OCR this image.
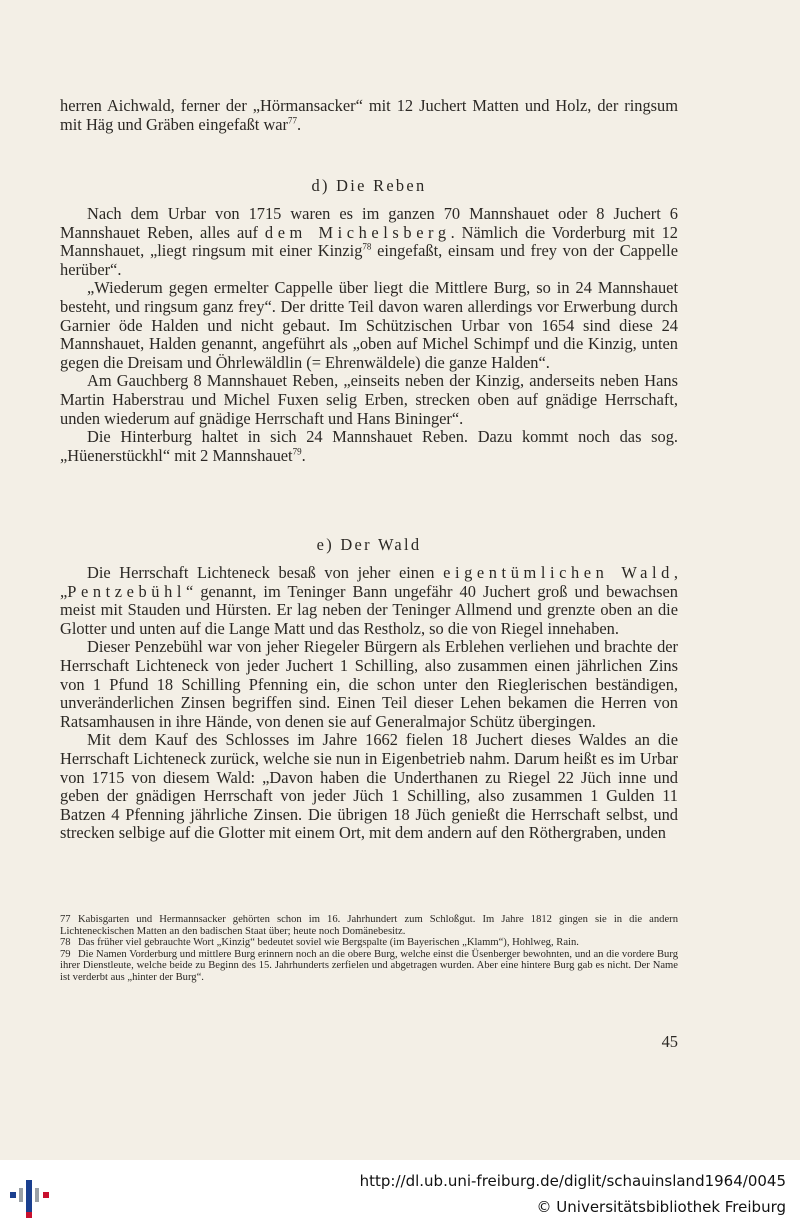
herren Aichwald, ferner der „Hörmansacker“ mit 12 Juchert Matten und Holz, der ringsum mit Häg und Gräben eingefaßt war$^{77}$.

d) Die Reben

Nach dem Urbar von 1715 waren es im ganzen 70 Mannshauet oder 8 Juchert 6 Mannshauet Reben, alles auf dem Michelsberg. Nämlich die Vorderburg mit 12 Mannshauet, „liegt ringsum mit einer Kinzig$^{78}$ eingefaßt, einsam und frey von der Cappelle herüber“.

„Wiederum gegen ermelter Cappelle über liegt die Mittlere Burg, so in 24 Mannshauet besteht, und ringsum ganz frey“. Der dritte Teil davon waren allerdings vor Erwerbung durch Garnier öde Halden und nicht gebaut. Im Schützischen Urbar von 1654 sind diese 24 Mannshauet, Halden genannt, angeführt als „oben auf Michel Schimpf und die Kinzig, unten gegen die Dreisam und Öhrlewäldlin (= Ehrenwäldele) die ganze Halden“.

Am Gauchberg 8 Mannshauet Reben, „einseits neben der Kinzig, anderseits neben Hans Martin Haberstrau und Michel Fuxen selig Erben, strecken oben auf gnädige Herrschaft, unden wiederum auf gnädige Herrschaft und Hans Bininger“.

Die Hinterburg haltet in sich 24 Mannshauet Reben. Dazu kommt noch das sog. „Hüenerstückhl“ mit 2 Mannshauet$^{79}$.

e) Der Wald

Die Herrschaft Lichteneck besaß von jeher einen eigentümlichen Wald, „Pentzebühl“ genannt, im Teninger Bann ungefähr 40 Juchert groß und bewachsen meist mit Stauden und Hürsten. Er lag neben der Teninger Allmend und grenzte oben an die Glotter und unten auf die Lange Matt und das Restholz, so die von Riegel innehaben.

Dieser Penzebühl war von jeher Riegeler Bürgern als Erblehen verliehen und brachte der Herrschaft Lichteneck von jeder Juchert 1 Schilling, also zusammen einen jährlichen Zins von 1 Pfund 18 Schilling Pfenning ein, die schon unter den Rieglerischen beständigen, unveränderlichen Zinsen begriffen sind. Einen Teil dieser Lehen bekamen die Herren von Ratsamhausen in ihre Hände, von denen sie auf Generalmajor Schütz übergingen.

Mit dem Kauf des Schlosses im Jahre 1662 fielen 18 Juchert dieses Waldes an die Herrschaft Lichteneck zurück, welche sie nun in Eigenbetrieb nahm. Darum heißt es im Urbar von 1715 von diesem Wald: „Davon haben die Underthanen zu Riegel 22 Jüch inne und geben der gnädigen Herrschaft von jeder Jüch 1 Schilling, also zusammen 1 Gulden 11 Batzen 4 Pfenning jährliche Zinsen. Die übrigen 18 Jüch genießt die Herrschaft selbst, und strecken selbige auf die Glotter mit einem Ort, mit dem andern auf den Röthergraben, unden

77 Kabisgarten und Hermannsacker gehörten schon im 16. Jahrhundert zum Schloßgut. Im Jahre 1812 gingen sie in die andern Lichteneckischen Matten an den badischen Staat über; heute noch Domänebesitz.

78 Das früher viel gebrauchte Wort „Kinzig“ bedeutet soviel wie Bergspalte (im Bayerischen „Klamm“), Hohlweg, Rain.

79 Die Namen Vorderburg und mittlere Burg erinnern noch an die obere Burg, welche einst die Üsenberger bewohnten, und an die vordere Burg ihrer Dienstleute, welche beide zu Beginn des 15. Jahrhunderts zerfielen und abgetragen wurden. Aber eine hintere Burg gab es nicht. Der Name ist verderbt aus „hinter der Burg“.

45
http://dl.ub.uni-freiburg.de/diglit/schauinsland1964/0045
© Universitätsbibliothek Freiburg
